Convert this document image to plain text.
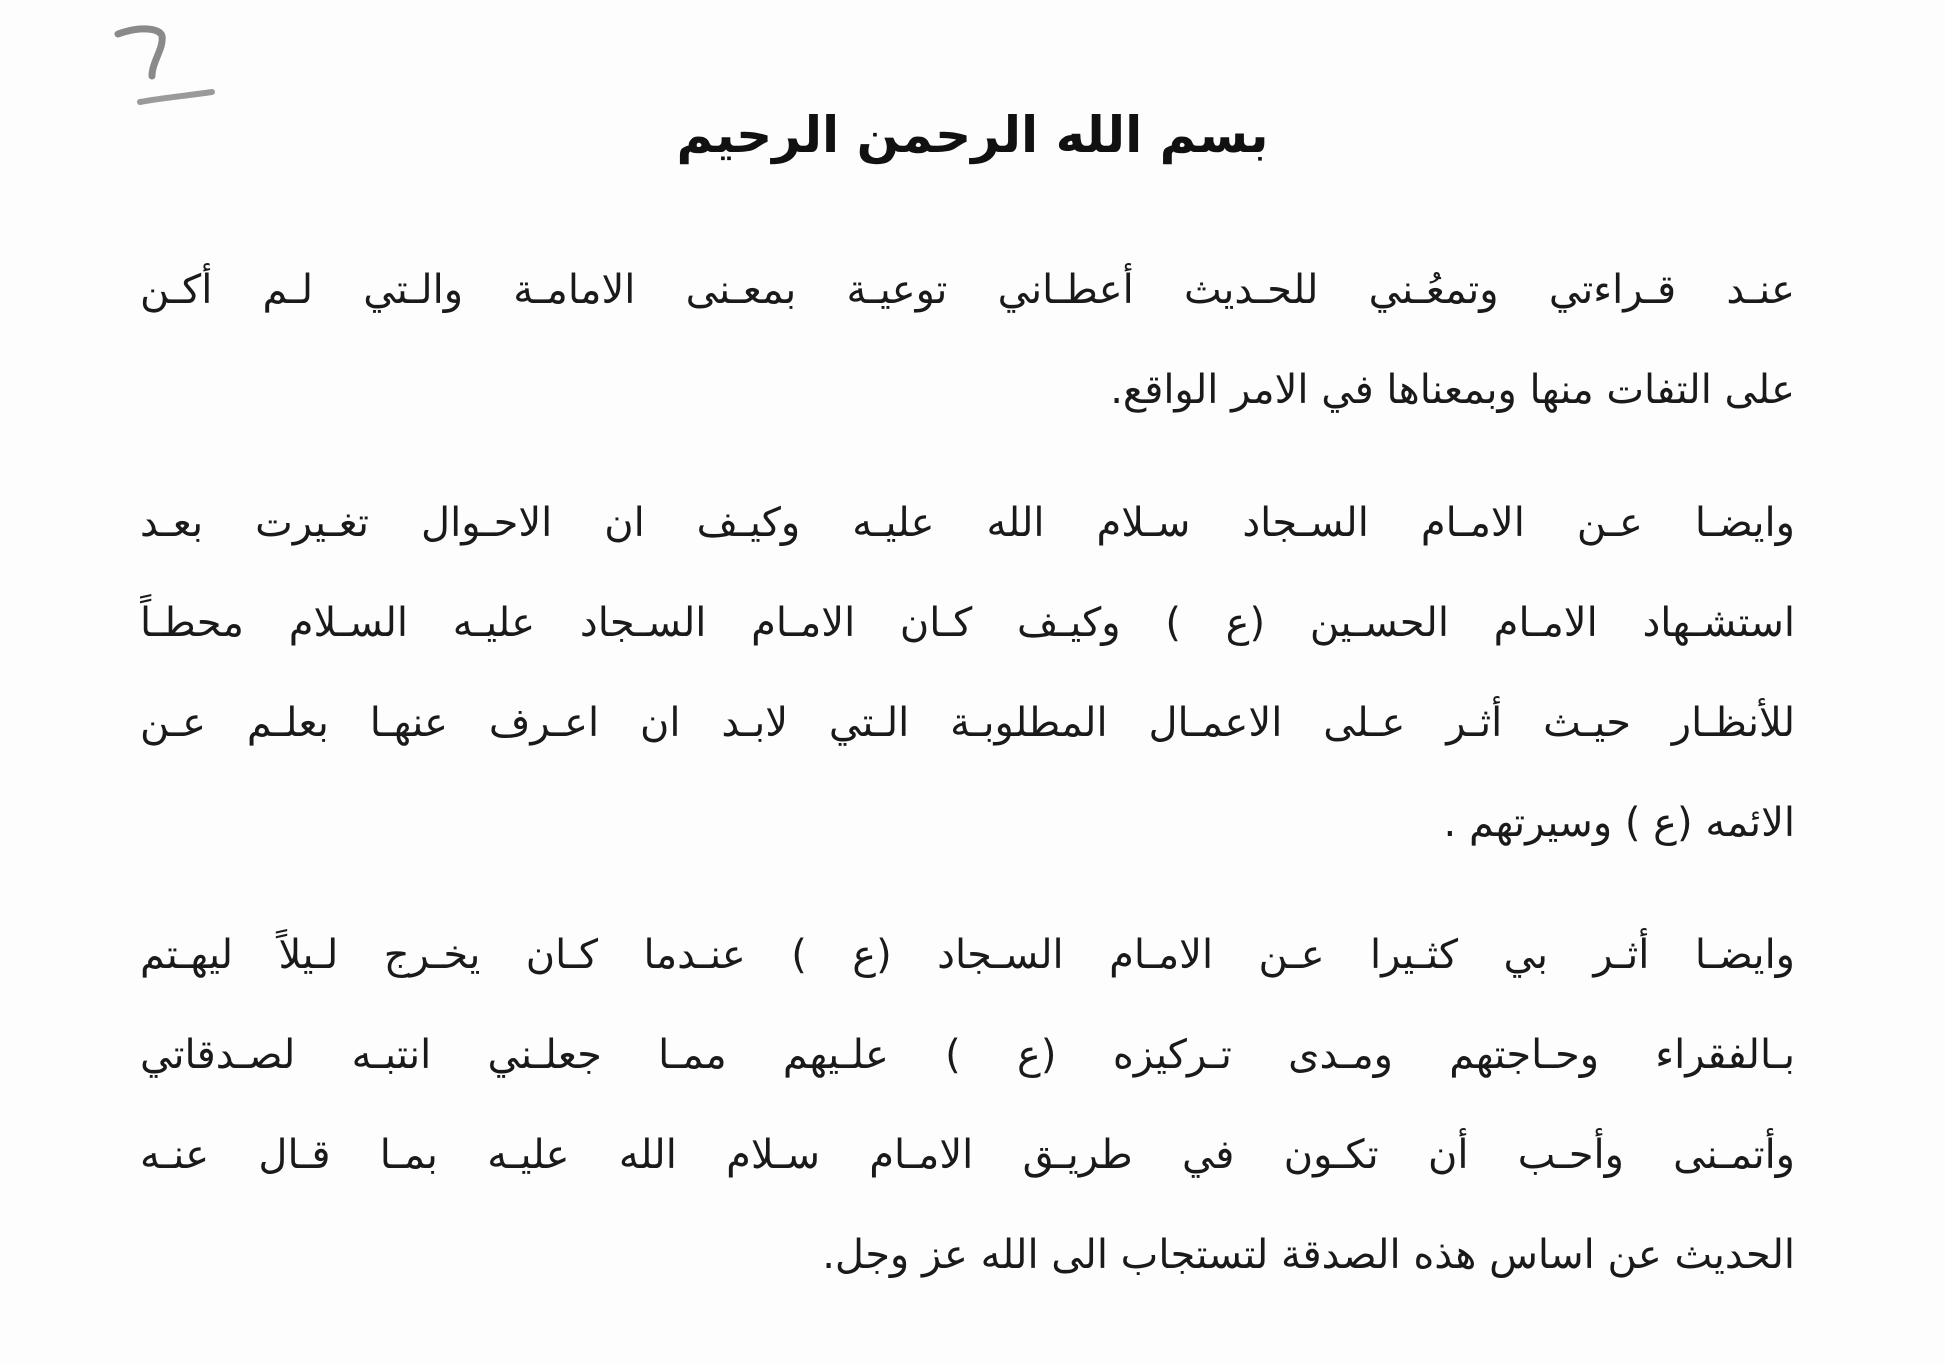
بسم الله الرحمن الرحيم
عنـد قـراءتي وتمعُـني للحـديث أعطـاني توعيـة بمعـنى الامامـة والـتي لـم أكـن
على التفات منها وبمعناها في الامر الواقع.
وايضـا عـن الامـام السـجاد سـلام الله عليـه وكيـف ان الاحـوال تغـيرت بعـد
استشـهاد الامـام الحسـين (ع ) وكيـف كـان الامـام السـجاد عليـه السـلام محطـاً
للأنظـار حيـث أثـر عـلى الاعمـال المطلوبـة الـتي لابـد ان اعـرف عنهـا بعلـم عـن
الائمه (ع ) وسيرتهم .
وايضـا أثـر بي كثـيرا عـن الامـام السـجاد (ع ) عنـدما كـان يخـرج لـيلاً ليهـتم
بـالفقراء وحـاجتهم ومـدى تـركيزه (ع ) علـيهم ممـا جعلـني انتبـه لصـدقاتي
وأتمـنى وأحـب أن تكـون في طريـق الامـام سـلام الله عليـه بمـا قـال عنـه
الحديث عن اساس هذه الصدقة لتستجاب الى الله عز وجل.
